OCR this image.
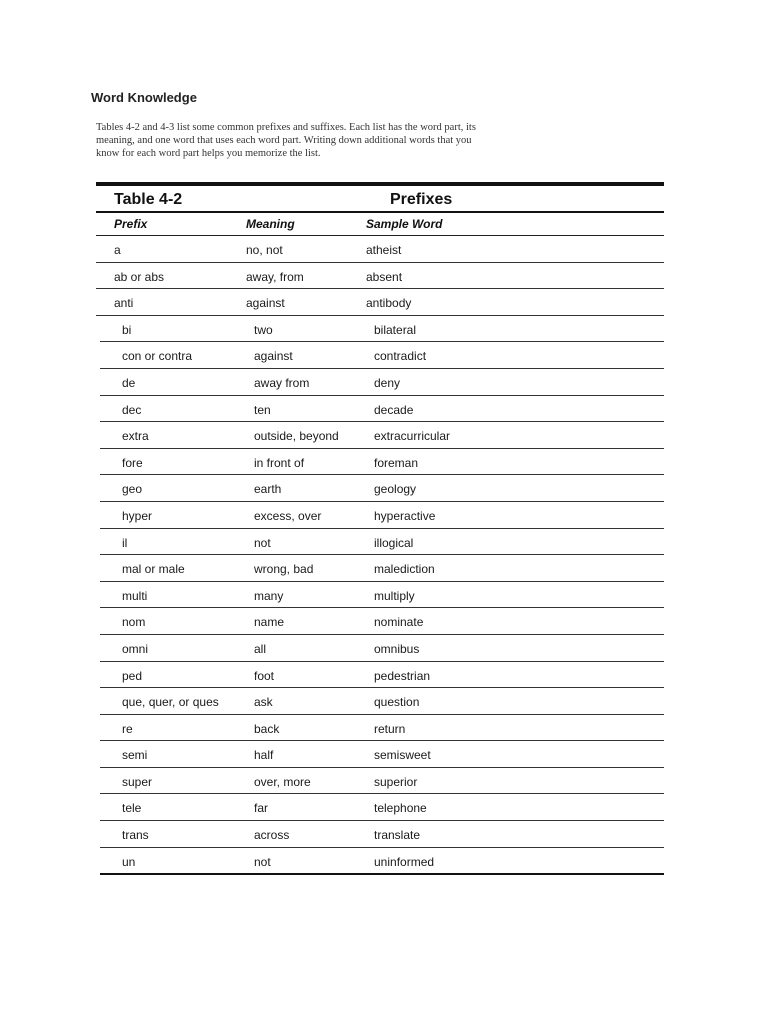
Word Knowledge
Tables 4-2 and 4-3 list some common prefixes and suffixes. Each list has the word part, its
meaning, and one word that uses each word part. Writing down additional words that you
know for each word part helps you memorize the list.
Table 4-2	Prefixes
Prefix	Meaning	Sample Word
a	no, not	atheist
ab or abs	away, from	absent
anti	against	antibody
bi	two	bilateral
con or contra	against	contradict
de	away from	deny
dec	ten	decade
extra	outside, beyond	extracurricular
fore	in front of	foreman
geo	earth	geology
hyper	excess, over	hyperactive
il	not	illogical
mal or male	wrong, bad	malediction
multi	many	multiply
nom	name	nominate
omni	all	omnibus
ped	foot	pedestrian
que, quer, or ques	ask	question
re	back	return
semi	half	semisweet
super	over, more	superior
tele	far	telephone
trans	across	translate
un	not	uninformed
